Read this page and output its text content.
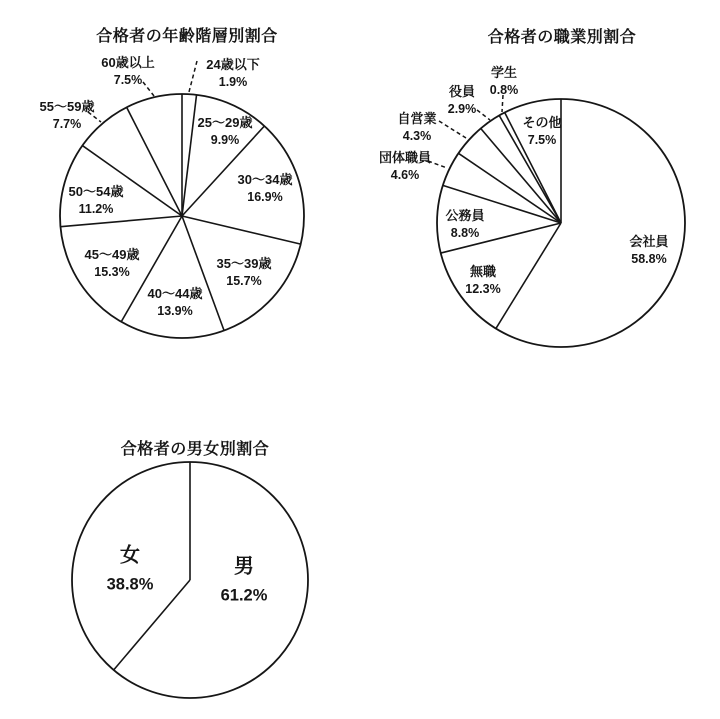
合格者の年齢階層別割合	合格者の職業別割合
合格者の男女別割合
24歳以下
1.9%
25〜29歳
9.9%
30〜34歳
16.9%
35〜39歳
15.7%
40〜44歳
13.9%
45〜49歳
15.3%
50〜54歳
11.2%
55〜59歳
7.7%
60歳以上
7.5%
会社員
58.8%
無職
12.3%
公務員
8.8%
団体職員
4.6%
自営業
4.3%
役員
2.9%
学生
0.8%
その他
7.5%
男
61.2%
女
38.8%
